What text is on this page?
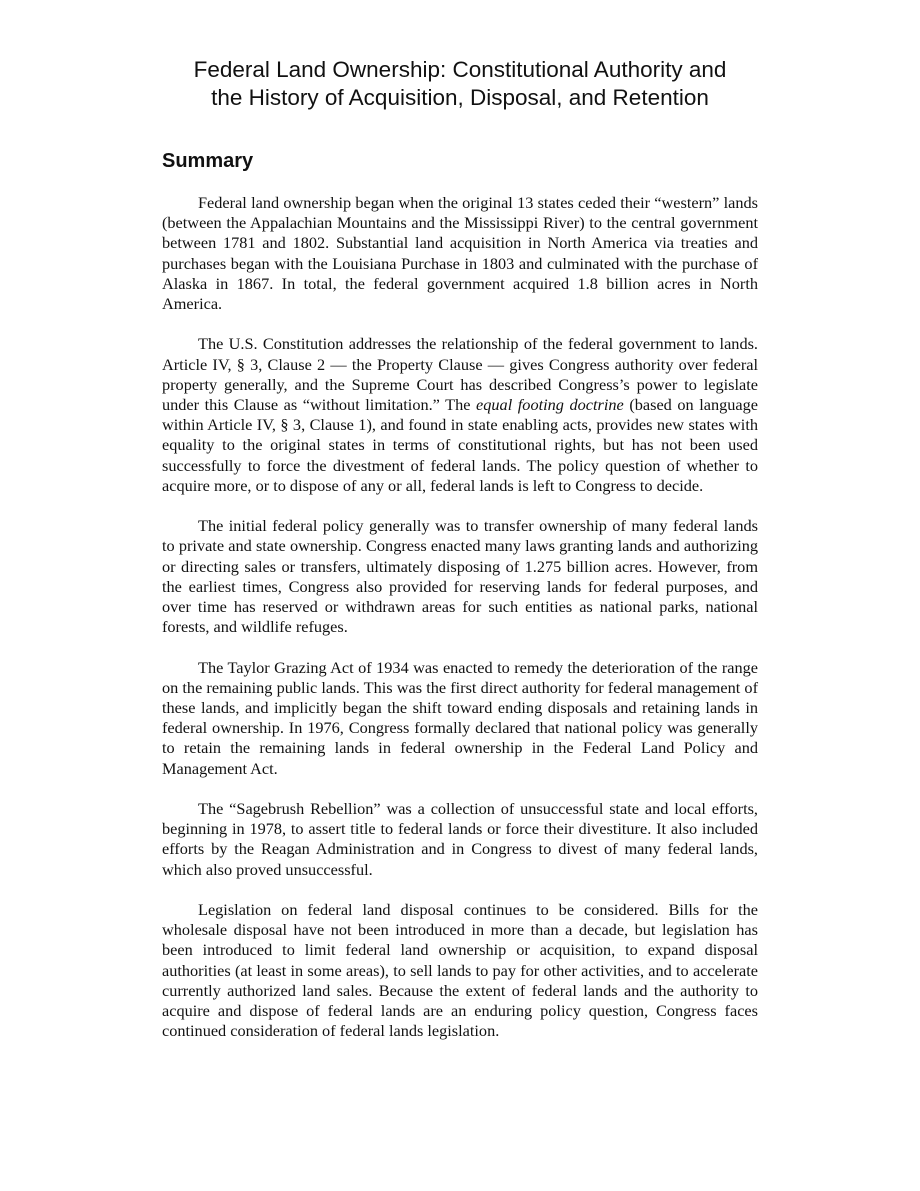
Federal Land Ownership: Constitutional Authority and
the History of Acquisition, Disposal, and Retention
Summary

Federal land ownership began when the original 13 states ceded their “western” lands (between the Appalachian Mountains and the Mississippi River) to the central government between 1781 and 1802. Substantial land acquisition in North America via treaties and purchases began with the Louisiana Purchase in 1803 and culminated with the purchase of Alaska in 1867. In total, the federal government acquired 1.8 billion acres in North America.

The U.S. Constitution addresses the relationship of the federal government to lands. Article IV, § 3, Clause 2 — the Property Clause — gives Congress authority over federal property generally, and the Supreme Court has described Congress’s power to legislate under this Clause as “without limitation.” The equal footing doctrine (based on language within Article IV, § 3, Clause 1), and found in state enabling acts, provides new states with equality to the original states in terms of constitutional rights, but has not been used successfully to force the divestment of federal lands. The policy question of whether to acquire more, or to dispose of any or all, federal lands is left to Congress to decide.

The initial federal policy generally was to transfer ownership of many federal lands to private and state ownership. Congress enacted many laws granting lands and authorizing or directing sales or transfers, ultimately disposing of 1.275 billion acres. However, from the earliest times, Congress also provided for reserving lands for federal purposes, and over time has reserved or withdrawn areas for such entities as national parks, national forests, and wildlife refuges.

The Taylor Grazing Act of 1934 was enacted to remedy the deterioration of the range on the remaining public lands. This was the first direct authority for federal management of these lands, and implicitly began the shift toward ending disposals and retaining lands in federal ownership. In 1976, Congress formally declared that national policy was generally to retain the remaining lands in federal ownership in the Federal Land Policy and Management Act.

The “Sagebrush Rebellion” was a collection of unsuccessful state and local efforts, beginning in 1978, to assert title to federal lands or force their divestiture. It also included efforts by the Reagan Administration and in Congress to divest of many federal lands, which also proved unsuccessful.

Legislation on federal land disposal continues to be considered. Bills for the wholesale disposal have not been introduced in more than a decade, but legislation has been introduced to limit federal land ownership or acquisition, to expand disposal authorities (at least in some areas), to sell lands to pay for other activities, and to accelerate currently authorized land sales. Because the extent of federal lands and the authority to acquire and dispose of federal lands are an enduring policy question, Congress faces continued consideration of federal lands legislation.
